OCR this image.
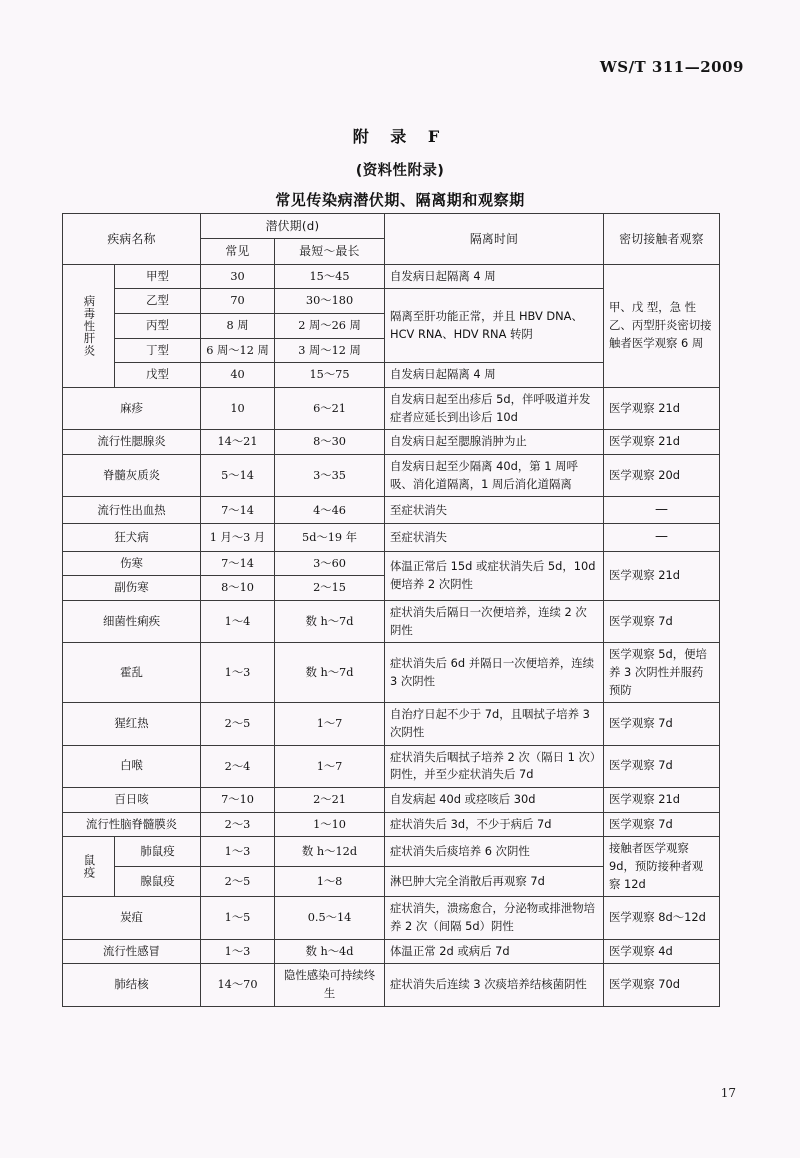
WS/T 311—2009
附 录 F
(资料性附录)
常见传染病潜伏期、隔离期和观察期
疾病名称		潜伏期(d)		隔离时间	密切接触者观察
		常见	最短～最长		

病毒性肝炎	甲型	30	15～45	自发病日起隔离 4 周	甲、戊 型，急 性乙、丙型肝炎密切接触者医学观察 6 周
	乙型	70	30～180	隔离至肝功能正常，并且 HBV DNA、HCV RNA、HDV RNA 转阴	
	丙型	8 周	2 周～26 周		
	丁型	6 周～12 周	3 周～12 周		
	戊型	40	15～75	自发病日起隔离 4 周	
麻疹		10	6～21	自发病日起至出疹后 5d，伴呼吸道并发症者应延长到出诊后 10d	医学观察 21d
流行性腮腺炎		14～21	8～30	自发病日起至腮腺消肿为止	医学观察 21d
脊髓灰质炎		5～14	3～35	自发病日起至少隔离 40d，第 1 周呼吸、消化道隔离，1 周后消化道隔离	医学观察 20d
流行性出血热		7～14	4～46	至症状消失	—
狂犬病		1 月～3 月	5d～19 年	至症状消失	—
伤寒		7～14	3～60	体温正常后 15d 或症状消失后 5d，10d 便培养 2 次阴性	医学观察 21d
副伤寒		8～10	2～15		
细菌性痢疾		1～4	数 h～7d	症状消失后隔日一次便培养，连续 2 次阴性	医学观察 7d
霍乱		1～3	数 h～7d	症状消失后 6d 并隔日一次便培养，连续 3 次阴性	医学观察 5d，便培养 3 次阴性并服药预防
猩红热		2～5	1～7	自治疗日起不少于 7d，且咽拭子培养 3 次阴性	医学观察 7d
白喉		2～4	1～7	症状消失后咽拭子培养 2 次（隔日 1 次）阴性，并至少症状消失后 7d	医学观察 7d
百日咳		7～10	2～21	自发病起 40d 或痉咳后 30d	医学观察 21d
流行性脑脊髓膜炎		2～3	1～10	症状消失后 3d，不少于病后 7d	医学观察 7d

鼠疫	肺鼠疫	1～3	数 h～12d	症状消失后痰培养 6 次阴性	接触者医学观察 9d，预防接种者观察 12d
	腺鼠疫	2～5	1～8	淋巴肿大完全消散后再观察 7d	
炭疽		1～5	0.5～14	症状消失，溃疡愈合，分泌物或排泄物培养 2 次（间隔 5d）阴性	医学观察 8d～12d
流行性感冒		1～3	数 h～4d	体温正常 2d 或病后 7d	医学观察 4d
肺结核		14～70	隐性感染可持续终生	症状消失后连续 3 次痰培养结核菌阴性	医学观察 70d
17
